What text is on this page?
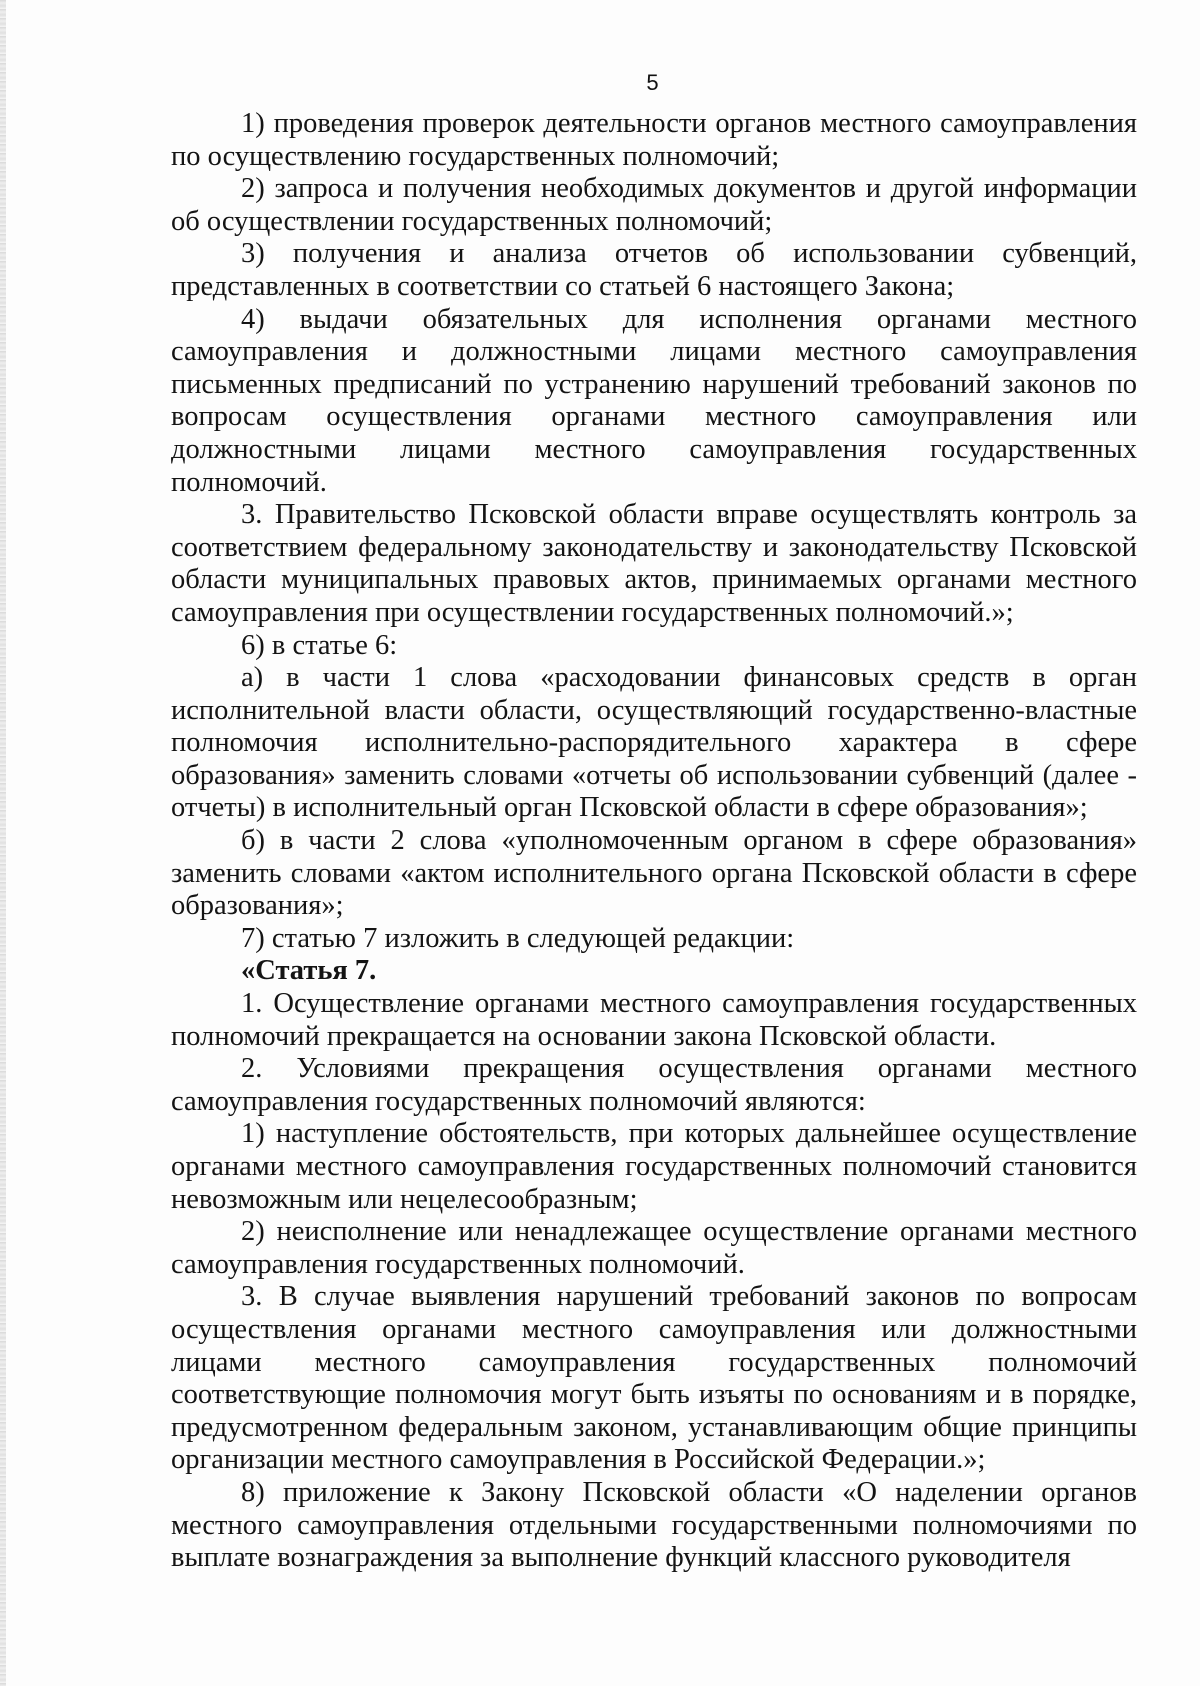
5

1) проведения проверок деятельности органов местного самоуправления по осуществлению государственных полномочий;

2) запроса и получения необходимых документов и другой информации об осуществлении государственных полномочий;

3) получения и анализа отчетов об использовании субвенций, представленных в соответствии со статьей 6 настоящего Закона;

4) выдачи обязательных для исполнения органами местного самоуправления и должностными лицами местного самоуправления письменных предписаний по устранению нарушений требований законов по вопросам осуществления органами местного самоуправления или должностными лицами местного самоуправления государственных полномочий.

3. Правительство Псковской области вправе осуществлять контроль за соответствием федеральному законодательству и законодательству Псковской области муниципальных правовых актов, принимаемых органами местного самоуправления при осуществлении государственных полномочий.»;

6) в статье 6:

а) в части 1 слова «расходовании финансовых средств в орган исполнительной власти области, осуществляющий государственно-властные полномочия исполнительно-распорядительного характера в сфере образования» заменить словами «отчеты об использовании субвенций (далее - отчеты) в исполнительный орган Псковской области в сфере образования»;

б) в части 2 слова «уполномоченным органом в сфере образования» заменить словами «актом исполнительного органа Псковской области в сфере образования»;

7) статью 7 изложить в следующей редакции:

«Статья 7.

1. Осуществление органами местного самоуправления государственных полномочий прекращается на основании закона Псковской области.

2. Условиями прекращения осуществления органами местного самоуправления государственных полномочий являются:

1) наступление обстоятельств, при которых дальнейшее осуществление органами местного самоуправления государственных полномочий становится невозможным или нецелесообразным;

2) неисполнение или ненадлежащее осуществление органами местного самоуправления государственных полномочий.

3. В случае выявления нарушений требований законов по вопросам осуществления органами местного самоуправления или должностными лицами местного самоуправления государственных полномочий соответствующие полномочия могут быть изъяты по основаниям и в порядке, предусмотренном федеральным законом, устанавливающим общие принципы организации местного самоуправления в Российской Федерации.»;

8) приложение к Закону Псковской области «О наделении органов местного самоуправления отдельными государственными полномочиями по выплате вознаграждения за выполнение функций классного руководителя
